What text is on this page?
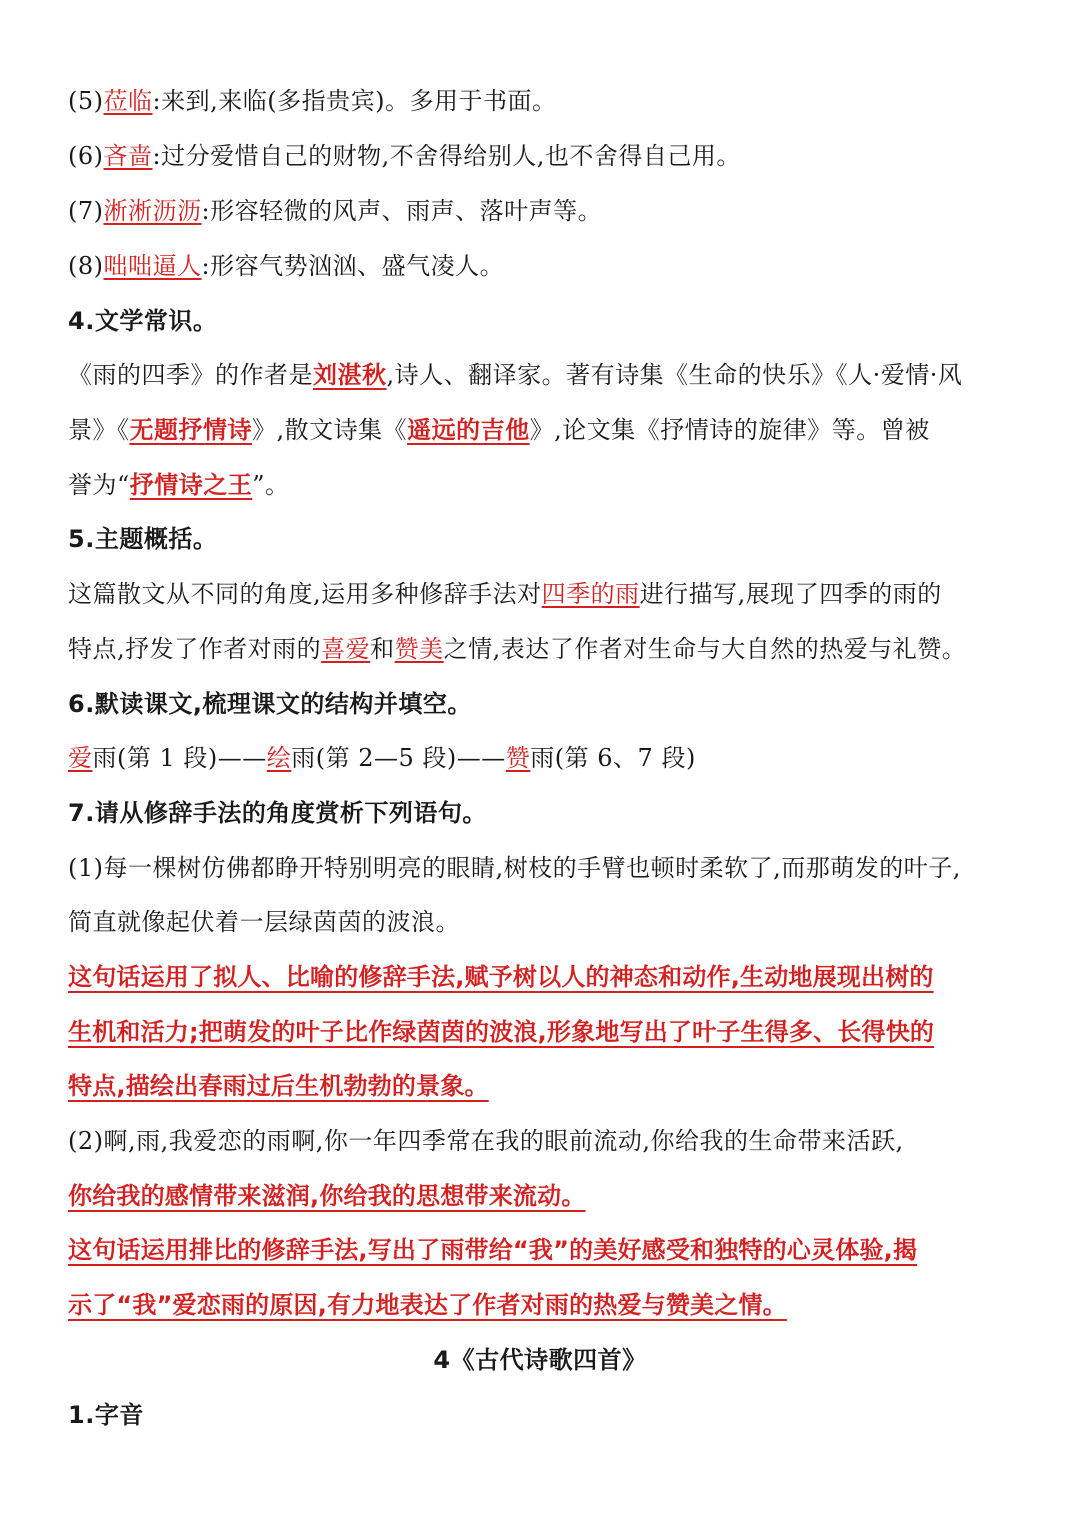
(5)莅临:来到,来临(多指贵宾)。多用于书面。
(6)吝啬:过分爱惜自己的财物,不舍得给别人,也不舍得自己用。
(7)淅淅沥沥:形容轻微的风声、雨声、落叶声等。
(8)咄咄逼人:形容气势汹汹、盛气凌人。
4.文学常识。
《雨的四季》的作者是刘湛秋,诗人、翻译家。著有诗集《生命的快乐》《人·爱情·风
景》《无题抒情诗》,散文诗集《遥远的吉他》,论文集《抒情诗的旋律》等。曾被
誉为“抒情诗之王”。
5.主题概括。
这篇散文从不同的角度,运用多种修辞手法对四季的雨进行描写,展现了四季的雨的
特点,抒发了作者对雨的喜爱和赞美之情,表达了作者对生命与大自然的热爱与礼赞。
6.默读课文,梳理课文的结构并填空。
爱雨(第 1 段)——绘雨(第 2—5 段)——赞雨(第 6、7 段)
7.请从修辞手法的角度赏析下列语句。
(1)每一棵树仿佛都睁开特别明亮的眼睛,树枝的手臂也顿时柔软了,而那萌发的叶子,
简直就像起伏着一层绿茵茵的波浪。
这句话运用了拟人、比喻的修辞手法,赋予树以人的神态和动作,生动地展现出树的
生机和活力;把萌发的叶子比作绿茵茵的波浪,形象地写出了叶子生得多、长得快的
特点,描绘出春雨过后生机勃勃的景象。
(2)啊,雨,我爱恋的雨啊,你一年四季常在我的眼前流动,你给我的生命带来活跃,
你给我的感情带来滋润,你给我的思想带来流动。
这句话运用排比的修辞手法,写出了雨带给“我”的美好感受和独特的心灵体验,揭
示了“我”爱恋雨的原因,有力地表达了作者对雨的热爱与赞美之情。
4《古代诗歌四首》
1.字音
